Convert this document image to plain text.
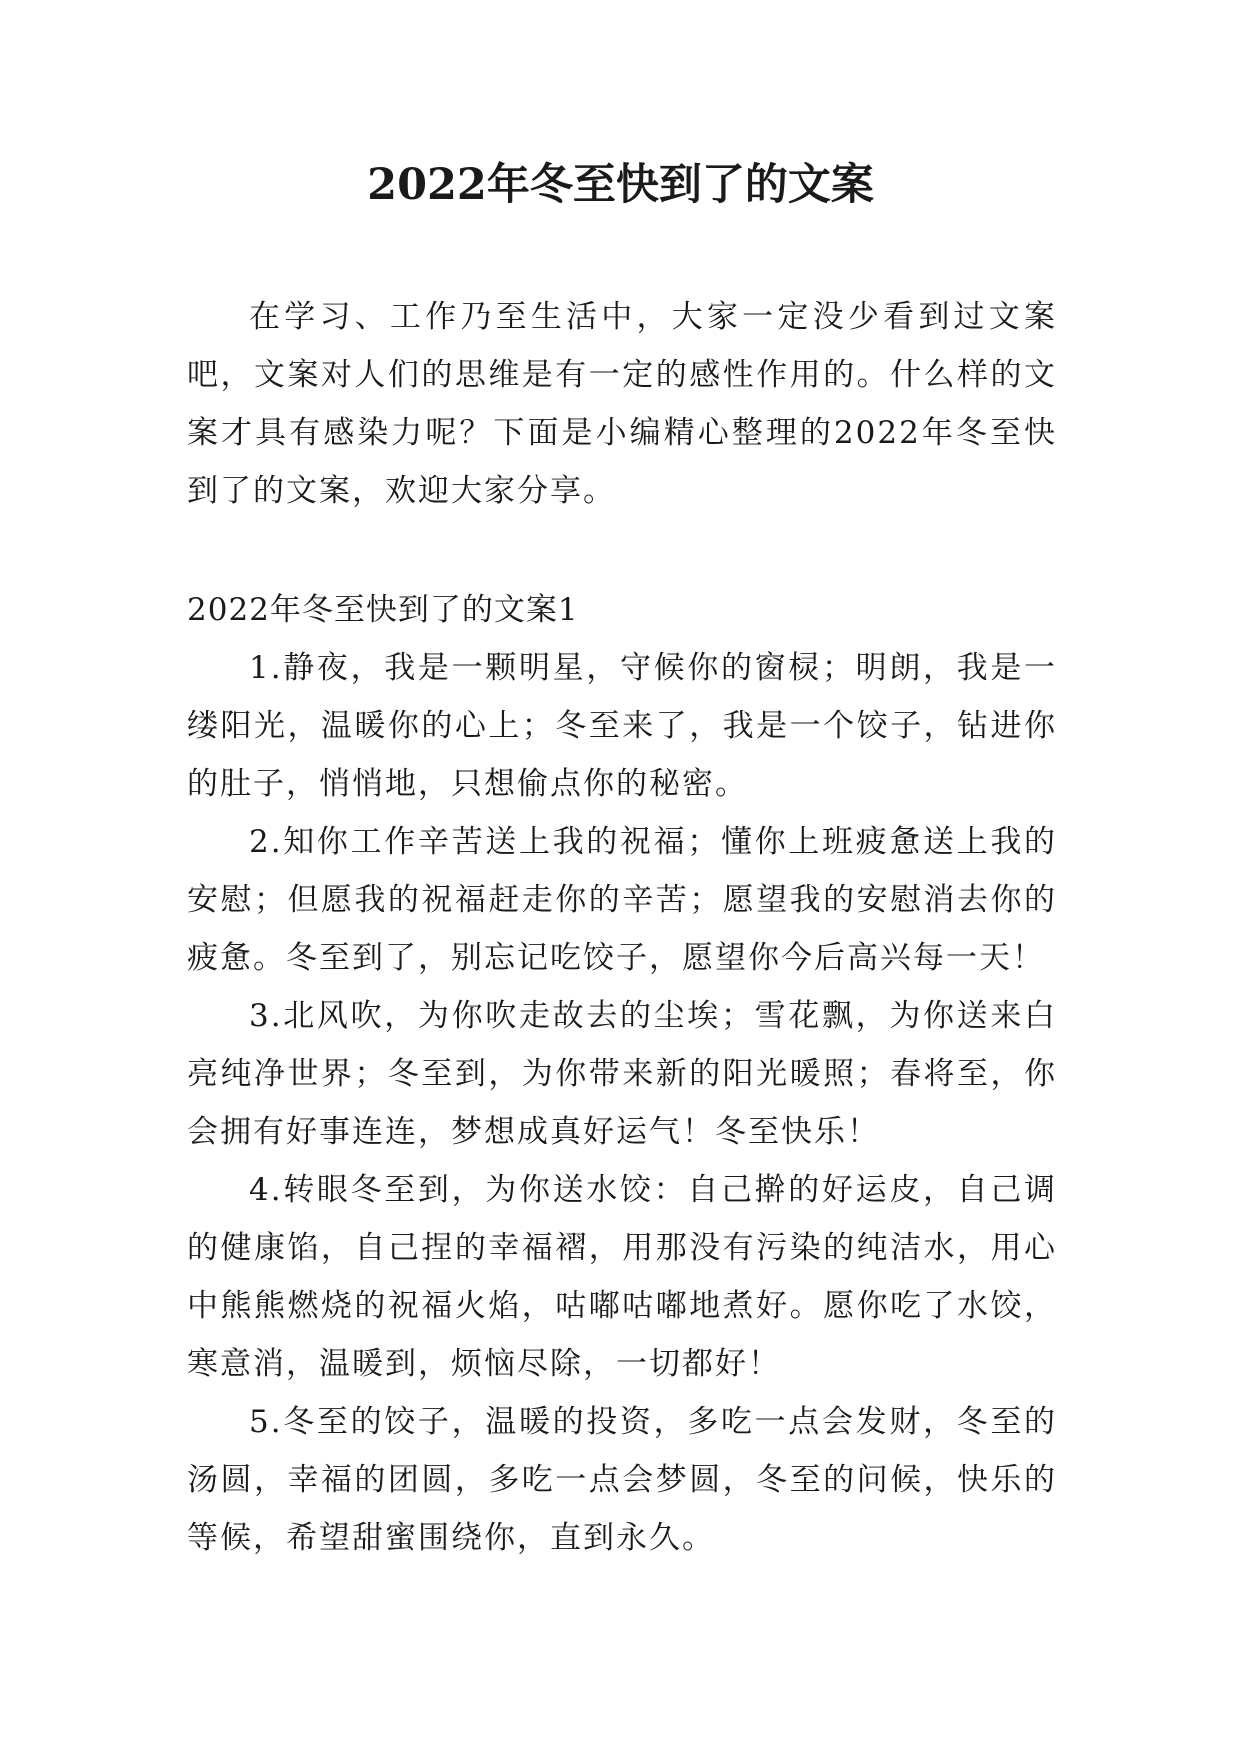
2022年冬至快到了的文案

在学习、工作乃至生活中，大家一定没少看到过文案吧，文案对人们的思维是有一定的感性作用的。什么样的文案才具有感染力呢？下面是小编精心整理的2022年冬至快到了的文案，欢迎大家分享。

2022年冬至快到了的文案1

1.静夜，我是一颗明星，守候你的窗棂；明朗，我是一缕阳光，温暖你的心上；冬至来了，我是一个饺子，钻进你的肚子，悄悄地，只想偷点你的秘密。

2.知你工作辛苦送上我的祝福；懂你上班疲惫送上我的安慰；但愿我的祝福赶走你的辛苦；愿望我的安慰消去你的疲惫。冬至到了，别忘记吃饺子，愿望你今后高兴每一天！

3.北风吹，为你吹走故去的尘埃；雪花飘，为你送来白亮纯净世界；冬至到，为你带来新的阳光暖照；春将至，你会拥有好事连连，梦想成真好运气！冬至快乐！

4.转眼冬至到，为你送水饺：自己擀的好运皮，自己调的健康馅，自己捏的幸福褶，用那没有污染的纯洁水，用心中熊熊燃烧的祝福火焰，咕嘟咕嘟地煮好。愿你吃了水饺，寒意消，温暖到，烦恼尽除，一切都好！

5.冬至的饺子，温暖的投资，多吃一点会发财，冬至的汤圆，幸福的团圆，多吃一点会梦圆，冬至的问候，快乐的等候，希望甜蜜围绕你，直到永久。
